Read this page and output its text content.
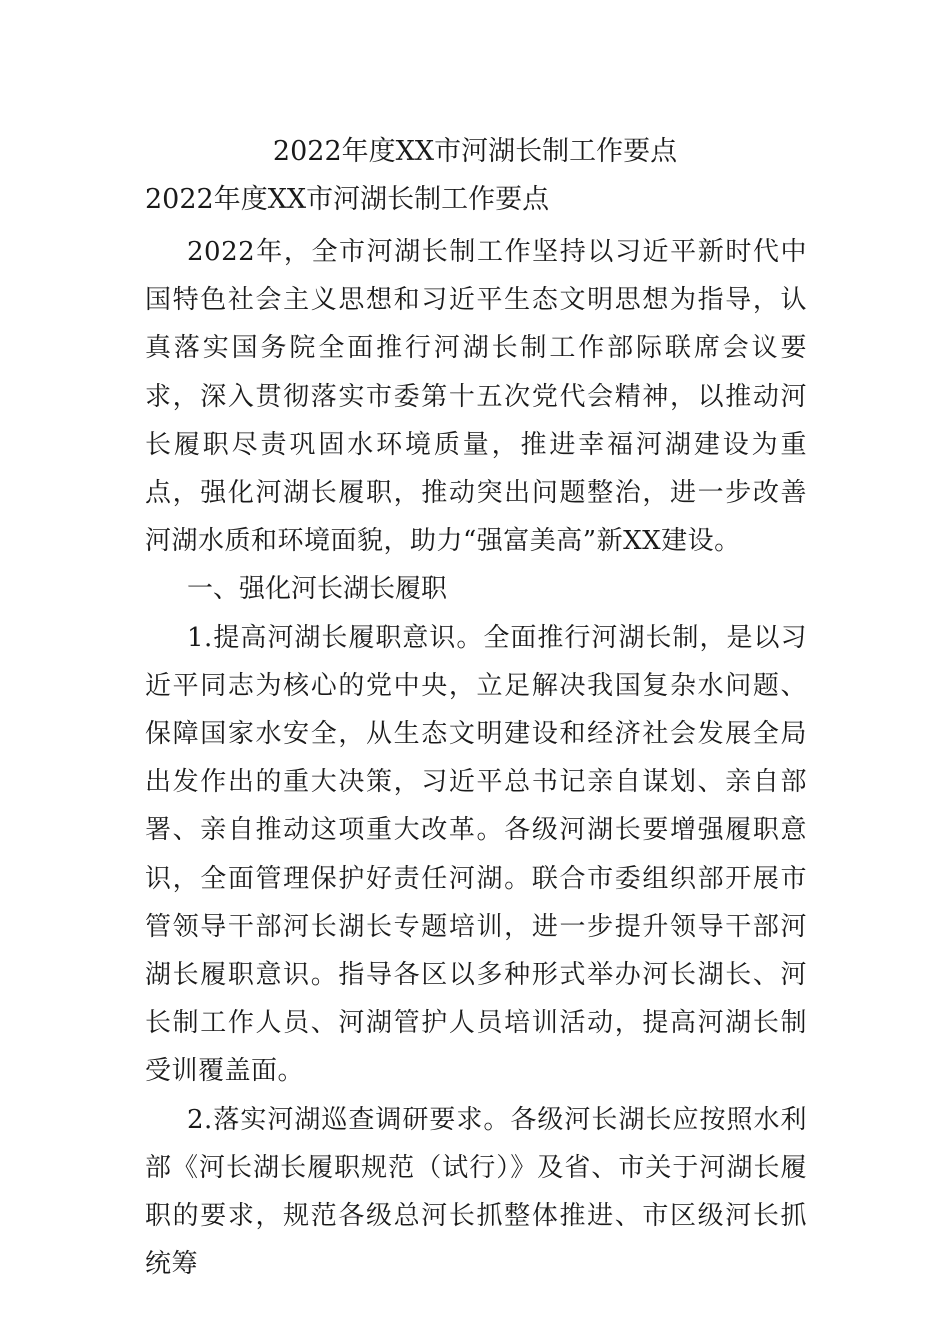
2022年度XX市河湖长制工作要点
2022年度XX市河湖长制工作要点

2022年，全市河湖长制工作坚持以习近平新时代中国特色社会主义思想和习近平生态文明思想为指导，认真落实国务院全面推行河湖长制工作部际联席会议要求，深入贯彻落实市委第十五次党代会精神，以推动河长履职尽责巩固水环境质量，推进幸福河湖建设为重点，强化河湖长履职，推动突出问题整治，进一步改善河湖水质和环境面貌，助力“强富美高”新XX建设。

一、强化河长湖长履职

1.提高河湖长履职意识。全面推行河湖长制，是以习近平同志为核心的党中央，立足解决我国复杂水问题、保障国家水安全，从生态文明建设和经济社会发展全局出发作出的重大决策，习近平总书记亲自谋划、亲自部署、亲自推动这项重大改革。各级河湖长要增强履职意识，全面管理保护好责任河湖。联合市委组织部开展市管领导干部河长湖长专题培训，进一步提升领导干部河湖长履职意识。指导各区以多种形式举办河长湖长、河长制工作人员、河湖管护人员培训活动，提高河湖长制受训覆盖面。

2.落实河湖巡查调研要求。各级河长湖长应按照水利部《河长湖长履职规范（试行）》及省、市关于河湖长履职的要求，规范各级总河长抓整体推进、市区级河长抓统筹
